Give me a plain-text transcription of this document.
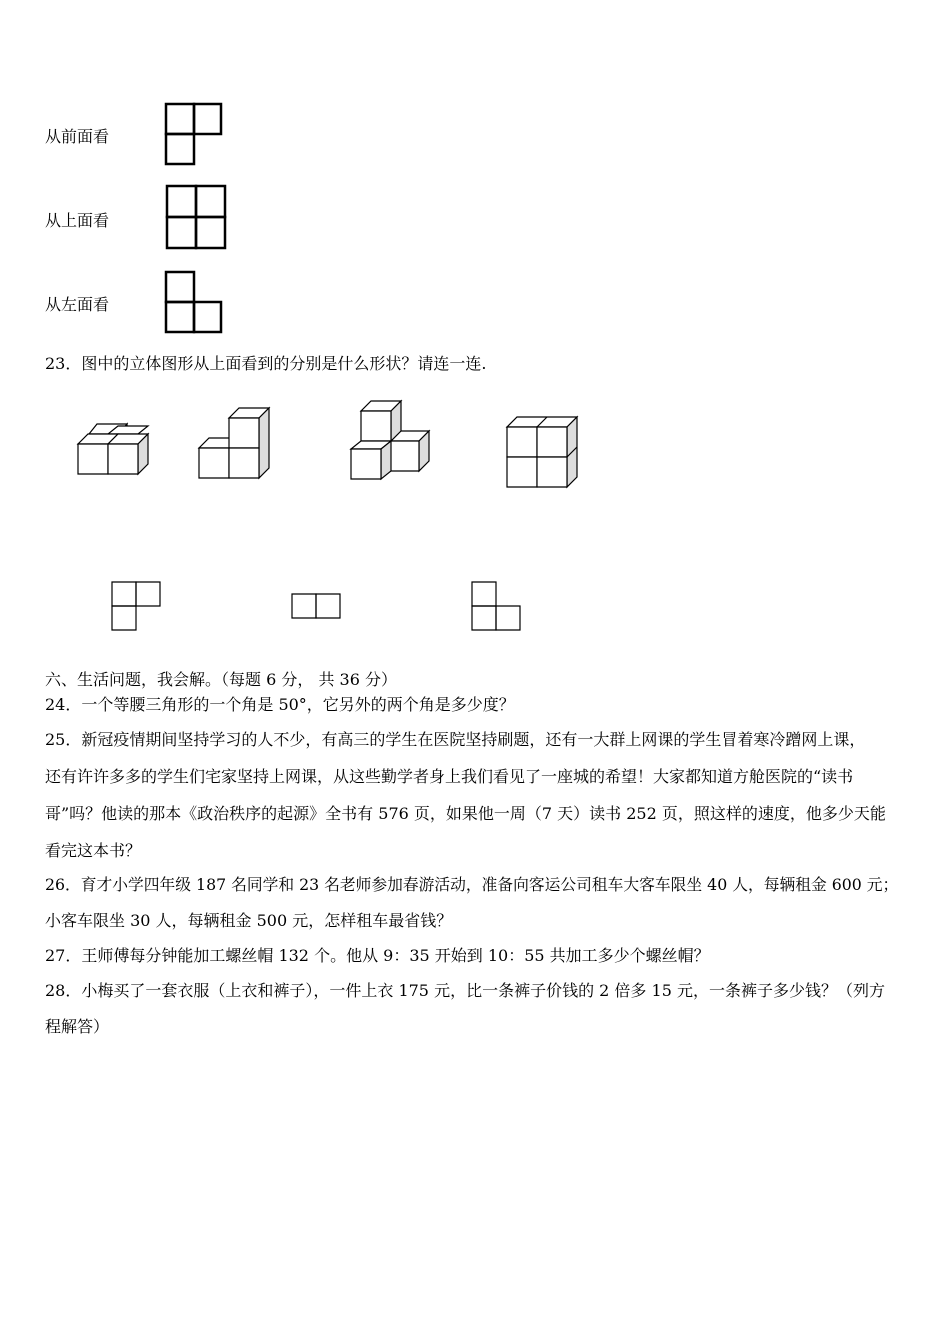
从前面看
从上面看
从左面看
23．图中的立体图形从上面看到的分别是什么形状？请连一连.
六、生活问题，我会解。（每题 6 分， 共 36 分）
24．一个等腰三角形的一个角是 50°，它另外的两个角是多少度？
25．新冠疫情期间坚持学习的人不少，有高三的学生在医院坚持刷题，还有一大群上网课的学生冒着寒冷蹭网上课，
还有许许多多的学生们宅家坚持上网课，从这些勤学者身上我们看见了一座城的希望！大家都知道方舱医院的“读书
哥”吗？他读的那本《政治秩序的起源》全书有 576 页，如果他一周（7 天）读书 252 页，照这样的速度，他多少天能
看完这本书？
26．育才小学四年级 187 名同学和 23 名老师参加春游活动，准备向客运公司租车大客车限坐 40 人，每辆租金 600 元；
小客车限坐 30 人，每辆租金 500 元，怎样租车最省钱？
27．王师傅每分钟能加工螺丝帽 132 个。他从 9：35 开始到 10：55 共加工多少个螺丝帽？
28．小梅买了一套衣服（上衣和裤子），一件上衣 175 元，比一条裤子价钱的 2 倍多 15 元，一条裤子多少钱？（列方
程解答）
